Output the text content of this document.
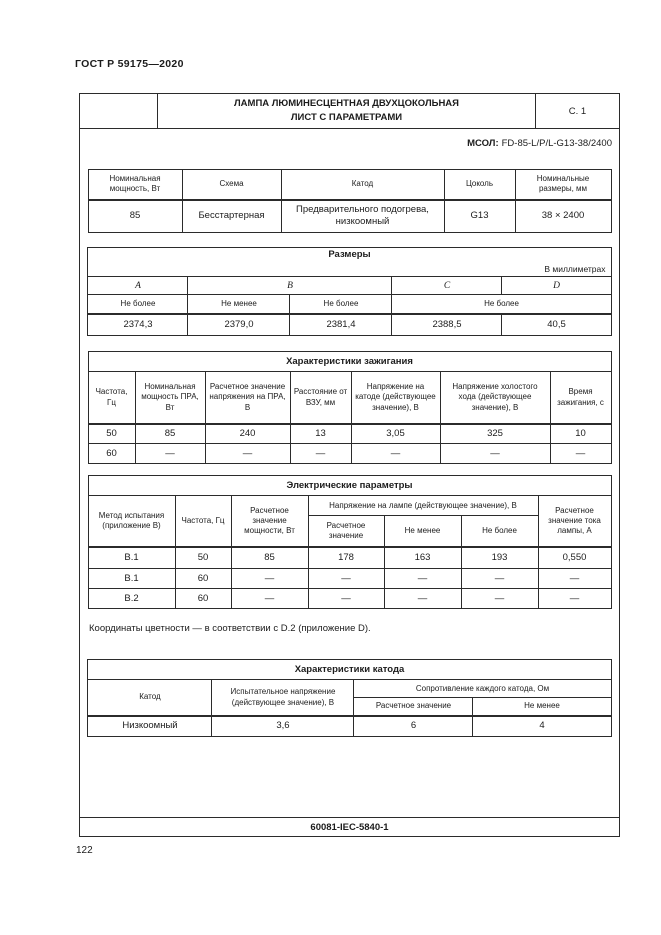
ГОСТ Р 59175—2020
ЛАМПА ЛЮМИНЕСЦЕНТНАЯ ДВУХЦОКОЛЬНАЯ
ЛИСТ С ПАРАМЕТРАМИ
С. 1
МСОЛ: FD-85-L/P/L-G13-38/2400
Номинальная мощность, Вт	Схема	Катод	Цоколь	Номинальные размеры, мм
85	Бесстартерная	Предварительного подогрева, низкоомный	G13	38 × 2400
Размеры
В миллиметрах				

A	B		C	D
Не более	Не менее	Не более	Не более	
2374,3	2379,0	2381,4	2388,5	40,5
Характеристики зажигания						
Частота, Гц	Номинальная мощность ПРА, Вт	Расчетное значение напряжения на ПРА, В	Расстояние от ВЗУ, мм	Напряжение на катоде (действующее значение), В	Напряжение холостого хода (действующее значение), В	Время зажигания, с
50	85	240	13	3,05	325	10
60	—	—	—	—	—	—
Электрические параметры						
Метод испытания (приложение В)	Частота, Гц	Расчетное значение мощности, Вт	Напряжение на лампе (действующее значение), В			Расчетное значение тока лампы, А
			Расчетное значение	Не менее	Не более	
В.1	50	85	178	163	193	0,550
В.1	60	—	—	—	—	—
В.2	60	—	—	—	—	—
Координаты цветности — в соответствии с D.2 (приложение D).
Характеристики катода			
Катод	Испытательное напряжение (действующее значение), В	Сопротивление каждого катода, Ом	
		Расчетное значение	Не менее
Низкоомный	3,6	6	4
60081-IEC-5840-1
122
